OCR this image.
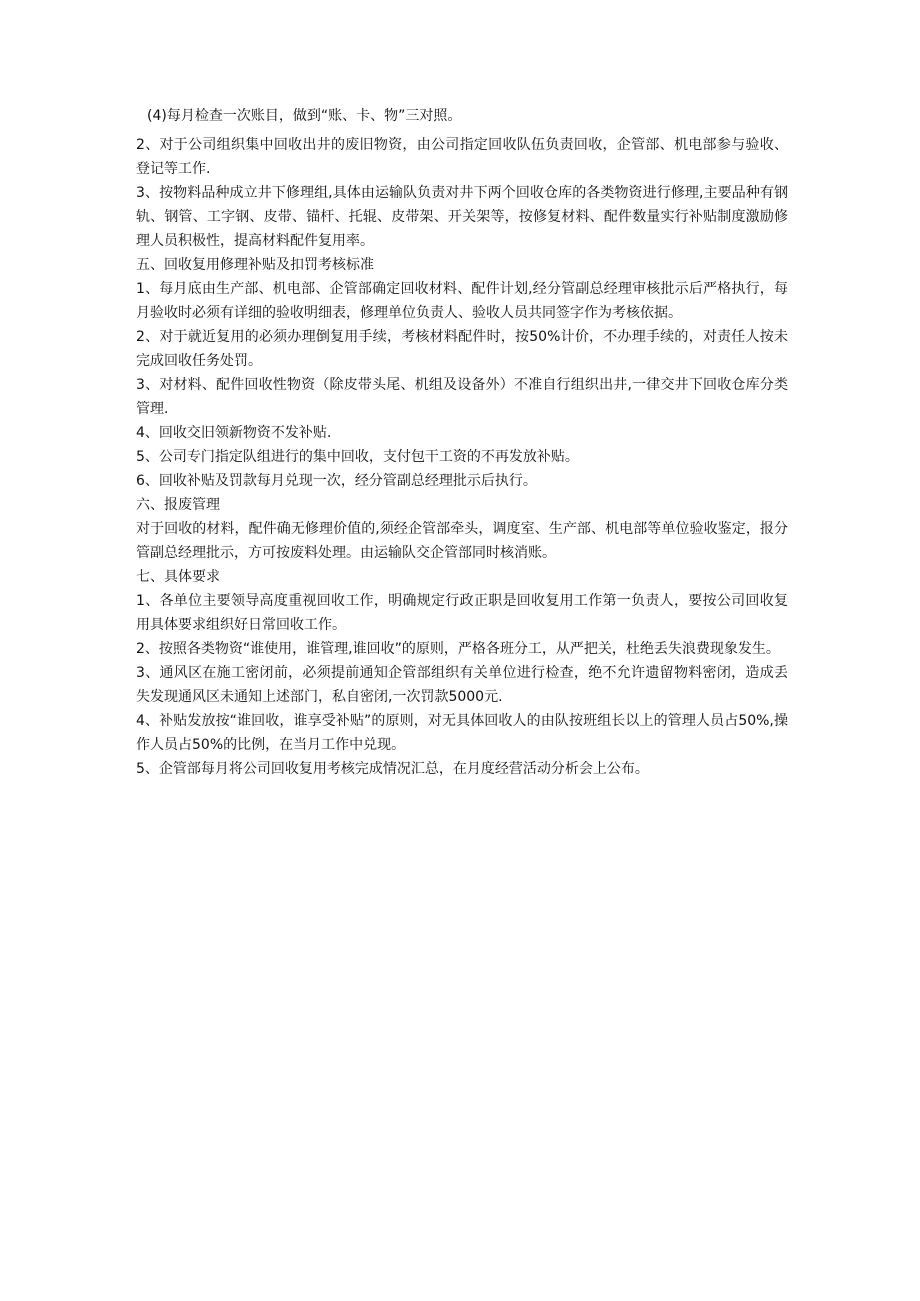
(4)每月检查一次账目，做到“账、卡、物”三对照。

2、对于公司组织集中回收出井的废旧物资，由公司指定回收队伍负责回收，企管部、机电部参与验收、登记等工作.

3、按物料品种成立井下修理组,具体由运输队负责对井下两个回收仓库的各类物资进行修理,主要品种有钢轨、钢管、工字钢、皮带、锚杆、托辊、皮带架、开关架等，按修复材料、配件数量实行补贴制度激励修理人员积极性，提高材料配件复用率。

五、回收复用修理补贴及扣罚考核标准

1、每月底由生产部、机电部、企管部确定回收材料、配件计划,经分管副总经理审核批示后严格执行，每月验收时必须有详细的验收明细表，修理单位负责人、验收人员共同签字作为考核依据。

2、对于就近复用的必须办理倒复用手续，考核材料配件时，按50%计价，不办理手续的，对责任人按未完成回收任务处罚。

3、对材料、配件回收性物资（除皮带头尾、机组及设备外）不准自行组织出井,一律交井下回收仓库分类管理.

4、回收交旧领新物资不发补贴.

5、公司专门指定队组进行的集中回收，支付包干工资的不再发放补贴。

6、回收补贴及罚款每月兑现一次，经分管副总经理批示后执行。

六、报废管理

对于回收的材料，配件确无修理价值的,须经企管部牵头，调度室、生产部、机电部等单位验收鉴定，报分管副总经理批示，方可按废料处理。由运输队交企管部同时核消账。

七、具体要求

1、各单位主要领导高度重视回收工作，明确规定行政正职是回收复用工作第一负责人，要按公司回收复用具体要求组织好日常回收工作。

2、按照各类物资“谁使用，谁管理,谁回收”的原则，严格各班分工，从严把关，杜绝丢失浪费现象发生。

3、通风区在施工密闭前，必须提前通知企管部组织有关单位进行检查，绝不允许遗留物料密闭，造成丢失发现通风区未通知上述部门，私自密闭,一次罚款5000元.

4、补贴发放按“谁回收，谁享受补贴”的原则，对无具体回收人的由队按班组长以上的管理人员占50%,操作人员占50%的比例，在当月工作中兑现。

5、企管部每月将公司回收复用考核完成情况汇总，在月度经营活动分析会上公布。
